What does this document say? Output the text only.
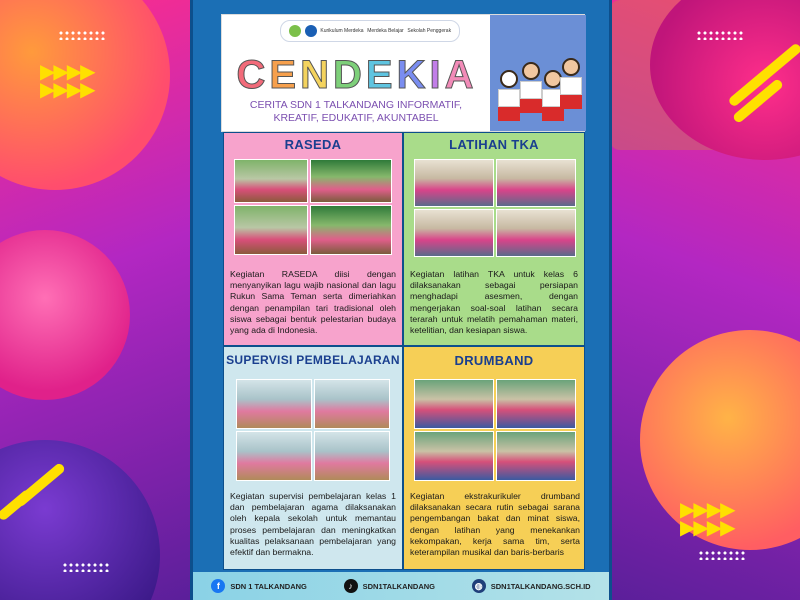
▶▶▶▶
▶▶▶▶
▶▶▶▶
▶▶▶▶
Kurikulum Merdeka Merdeka Belajar Sekolah Penggerak
CENDEKIA
CERITA SDN 1 TALKANDANG INFORMATIF, KREATIF, EDUKATIF, AKUNTABEL
RASEDA
Kegiatan RASEDA diisi dengan menyanyikan lagu wajib nasional dan lagu Rukun Sama Teman serta dimeriahkan dengan penampilan tari tradisional oleh siswa sebagai bentuk pelestarian budaya yang ada di Indonesia.
LATIHAN TKA
Kegiatan latihan TKA untuk kelas 6 dilaksanakan sebagai persiapan menghadapi asesmen, dengan mengerjakan soal-soal latihan secara terarah untuk melatih pemahaman materi, ketelitian, dan kesiapan siswa.
SUPERVISI PEMBELAJARAN
Kegiatan supervisi pembelajaran kelas 1 dan pembelajaran agama dilaksanakan oleh kepala sekolah untuk memantau proses pembelajaran dan meningkatkan kualitas pelaksanaan pembelajaran yang efektif dan bermakna.
DRUMBAND
Kegiatan ekstrakurikuler drumband dilaksanakan secara rutin sebagai sarana pengembangan bakat dan minat siswa, dengan latihan yang menekankan kekompakan, kerja sama tim, serta keterampilan musikal dan baris-berbaris
f	SDN 1 TALKANDANG	♪	SDN1TALKANDANG	◍	SDN1TALKANDANG.SCH.ID
